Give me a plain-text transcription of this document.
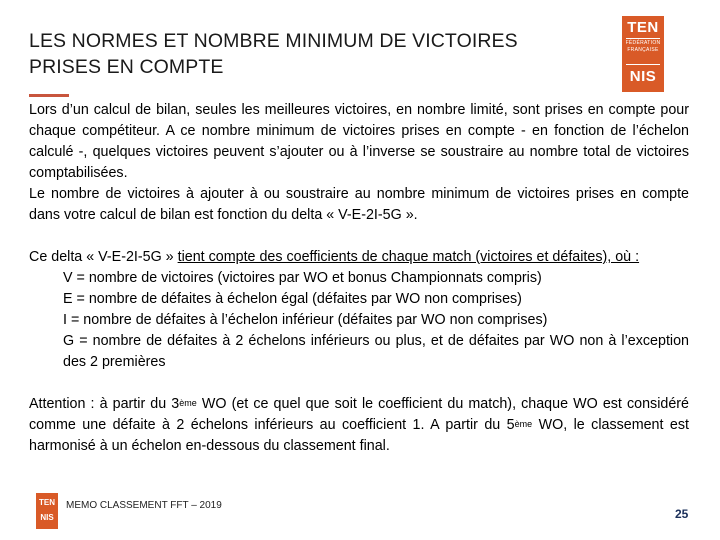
LES NORMES ET NOMBRE MINIMUM DE VICTOIRES
PRISES EN COMPTE
TEN
FÉDÉRATION FRANÇAISE
NIS

Lors d’un calcul de bilan, seules les meilleures victoires, en nombre limité, sont prises en compte pour chaque compétiteur. A ce nombre minimum de victoires prises en compte - en fonction de l’échelon calculé -, quelques victoires peuvent s’ajouter ou à l’inverse se soustraire au nombre total de victoires comptabilisées.

Le nombre de victoires à ajouter à ou soustraire au nombre minimum de victoires prises en compte dans votre calcul de bilan est fonction du delta « V-E-2I-5G ».

Ce delta « V-E-2I-5G » tient compte des coefficients de chaque match (victoires et défaites), où :

V = nombre de victoires (victoires par WO et bonus Championnats compris)
E = nombre de défaites à échelon égal (défaites par WO non comprises)
I = nombre de défaites à l’échelon inférieur (défaites par WO non comprises)
G = nombre de défaites à 2 échelons inférieurs ou plus, et de défaites par WO non à l’exception des 2 premières

Attention : à partir du 3ème WO (et ce quel que soit le coefficient du match), chaque WO est considéré comme une défaite à 2 échelons inférieurs au coefficient 1. A partir du 5ème WO, le classement est harmonisé à un échelon en-dessous du classement final.

TEN
NIS
MEMO CLASSEMENT FFT – 2019
25
